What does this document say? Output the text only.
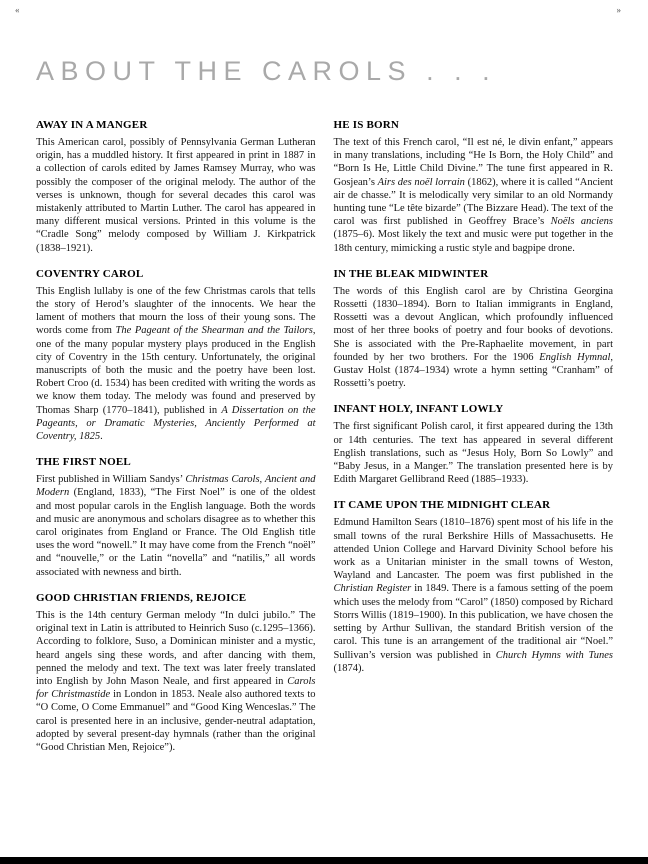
«	»
ABOUT THE CAROLS . . .
AWAY IN A MANGER

This American carol, possibly of Pennsylvania German Lutheran origin, has a muddled history. It first appeared in print in 1887 in a collection of carols edited by James Ramsey Murray, who was possibly the composer of the original melody. The author of the verses is unknown, though for several decades this carol was mistakenly attributed to Martin Luther. The carol has appeared in many different musical versions. Printed in this volume is the “Cradle Song” melody composed by William J. Kirkpatrick (1838–1921).

COVENTRY CAROL

This English lullaby is one of the few Christmas carols that tells the story of Herod’s slaughter of the innocents. We hear the lament of mothers that mourn the loss of their young sons. The words come from The Pageant of the Shearman and the Tailors, one of the many popular mystery plays produced in the English city of Coventry in the 15th century. Unfortunately, the original manuscripts of both the music and the poetry have been lost. Robert Croo (d. 1534) has been credited with writing the words as we know them today. The melody was found and preserved by Thomas Sharp (1770–1841), published in A Dissertation on the Pageants, or Dramatic Mysteries, Anciently Performed at Coventry, 1825.

THE FIRST NOEL

First published in William Sandys’ Christmas Carols, Ancient and Modern (England, 1833), “The First Noel” is one of the oldest and most popular carols in the English language. Both the words and music are anonymous and scholars disagree as to whether this carol originates from England or France. The Old English title uses the word “nowell.” It may have come from the French “noël” and “nouvelle,” or the Latin “novella” and “natilis,” all words associated with newness and birth.

GOOD CHRISTIAN FRIENDS, REJOICE

This is the 14th century German melody “In dulci jubilo.” The original text in Latin is attributed to Heinrich Suso (c.1295–1366). According to folklore, Suso, a Dominican minister and a mystic, heard angels sing these words, and after dancing with them, penned the melody and text. The text was later freely translated into English by John Mason Neale, and first appeared in Carols for Christmastide in London in 1853. Neale also authored texts to “O Come, O Come Emmanuel” and “Good King Wenceslas.” The carol is presented here in an inclusive, gender-neutral adaptation, adopted by several present-day hymnals (rather than the original “Good Christian Men, Rejoice”).

HE IS BORN

The text of this French carol, “Il est né, le divin enfant,” appears in many translations, including “He Is Born, the Holy Child” and “Born Is He, Little Child Divine.” The tune first appeared in R. Gosjean’s Airs des noël lorrain (1862), where it is called “Ancient air de chasse.” It is melodically very similar to an old Normandy hunting tune “Le tête bizarde” (The Bizzare Head). The text of the carol was first published in Geoffrey Brace’s Noëls anciens (1875–6). Most likely the text and music were put together in the 18th century, mimicking a rustic style and bagpipe drone.

IN THE BLEAK MIDWINTER

The words of this English carol are by Christina Georgina Rossetti (1830–1894). Born to Italian immigrants in England, Rossetti was a devout Anglican, which profoundly influenced most of her three books of poetry and four books of devotions. She is associated with the Pre-Raphaelite movement, in part founded by her two brothers. For the 1906 English Hymnal, Gustav Holst (1874–1934) wrote a hymn setting “Cranham” of Rossetti’s poetry.

INFANT HOLY, INFANT LOWLY

The first significant Polish carol, it first appeared during the 13th or 14th centuries. The text has appeared in several different English translations, such as “Jesus Holy, Born So Lowly” and “Baby Jesus, in a Manger.” The translation presented here is by Edith Margaret Gellibrand Reed (1885–1933).

IT CAME UPON THE MIDNIGHT CLEAR

Edmund Hamilton Sears (1810–1876) spent most of his life in the small towns of the rural Berkshire Hills of Massachusetts. He attended Union College and Harvard Divinity School before his work as a Unitarian minister in the small towns of Weston, Wayland and Lancaster. The poem was first published in the Christian Register in 1849. There is a famous setting of the poem which uses the melody from “Carol” (1850) composed by Richard Storrs Willis (1819–1900). In this publication, we have chosen the setting by Arthur Sullivan, the standard British version of the carol. This tune is an arrangement of the traditional air “Noel.” Sullivan’s version was published in Church Hymns with Tunes (1874).
